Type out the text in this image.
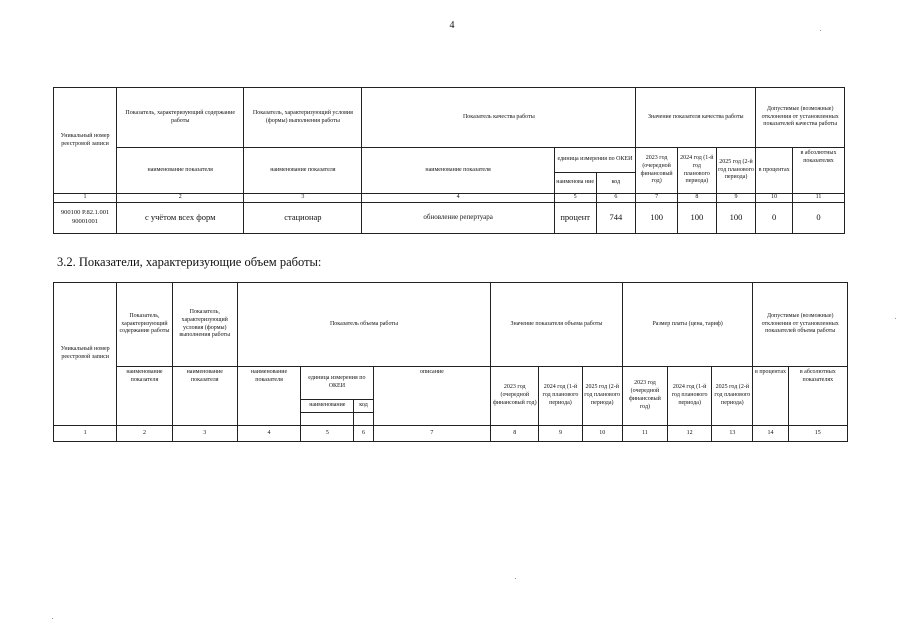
4
Уникальный номер реестровой записи	Показатель, характеризующий содержание работы	Показатель, характеризующий условия (формы) выполнения работы	Показатель качества работы			Значение показателя качества работы			Допустимые (возможные) отклонения от установленных показателей качества работы	
	наименование показателя	наименование показателя	наименование показателя	единица измерения по ОКЕИ		2023 год (очередной финансовый год)	2024 год (1-й год планового периода)	2025 год (2-й год планового периода)	в процентах	в абсолютных показателях
				наименова ние	код					
1	2	3	4	5	6	7	8	9	10	11
900100 Р.82.1.001 90001001	с учётом всех форм	стационар	обновление репертуара	процент	744	100	100	100	0	0
3.2. Показатели, характеризующие объем работы:
Уникальный номер реестровой записи	Показатель, характеризующий содержание работы	Показатель, характеризующий условия (формы) выполнения работы	Показатель объема работы				Значение показателя объема работы			Размер платы (цена, тариф)			Допустимые (возможные) отклонения от установленных показателей объема работы	
	наименование показателя	наименование показателя	наименование показателя	единица измерения по ОКЕИ		описание	2023 год (очередной финансовый год)	2024 год (1-й год планового периода)	2025 год (2-й год планового периода)	2023 год (очередной финансовый год)	2024 год (1-й год планового периода)	2025 год (2-й год планового периода)	в процентах	в абсолютных показателях
				наименование	код									

1	2	3	4	5	6	7	8	9	10	11	12	13	14	15
